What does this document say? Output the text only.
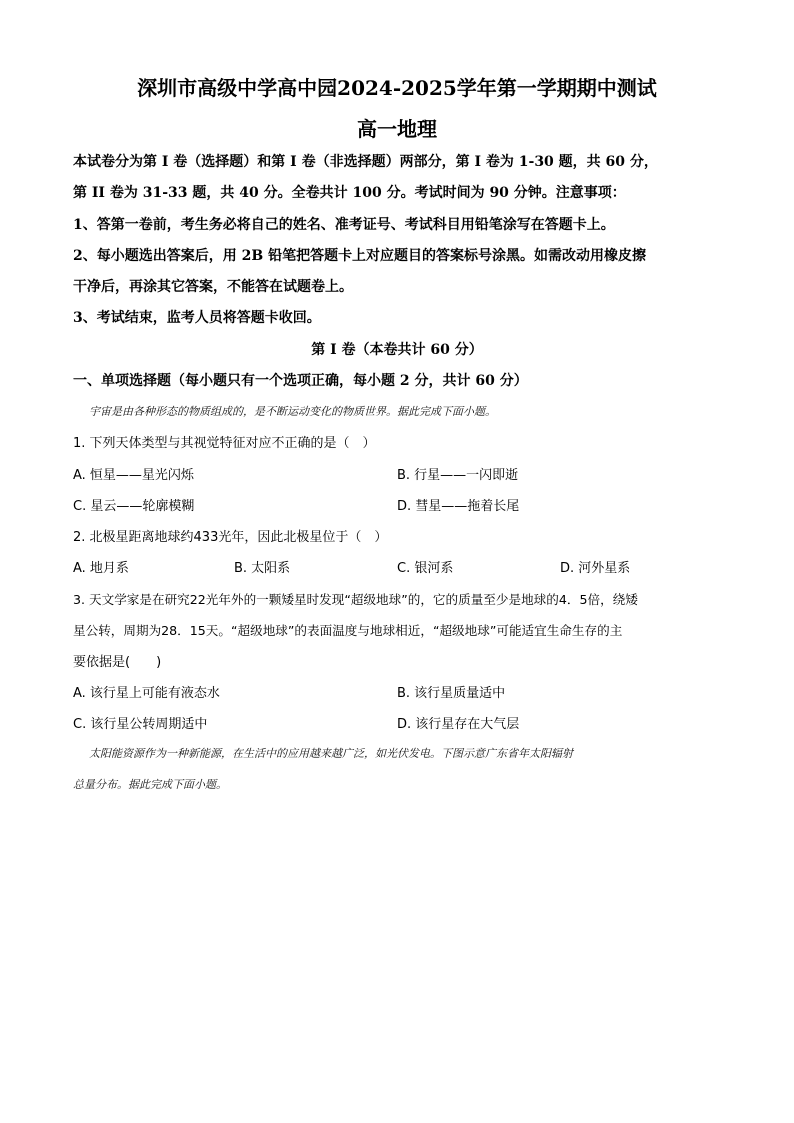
深圳市高级中学高中园2024-2025学年第一学期期中测试
高一地理
本试卷分为第 I 卷（选择题）和第 I 卷（非选择题）两部分，第 I 卷为 1-30 题，共 60 分，
第 II 卷为 31-33 题，共 40 分。全卷共计 100 分。考试时间为 90 分钟。注意事项：
1、答第一卷前，考生务必将自己的姓名、准考证号、考试科目用铅笔涂写在答题卡上。
2、每小题选出答案后，用 2B 铅笔把答题卡上对应题目的答案标号涂黑。如需改动用橡皮擦
干净后，再涂其它答案，不能答在试题卷上。
3、考试结束，监考人员将答题卡收回。
第 I 卷（本卷共计 60 分）
一、单项选择题（每小题只有一个选项正确，每小题 2 分，共计 60 分）
宇宙是由各种形态的物质组成的，是不断运动变化的物质世界。据此完成下面小题。
1. 下列天体类型与其视觉特征对应不正确的是（　）
A. 恒星——星光闪烁	B. 行星——一闪即逝
C. 星云——轮廓模糊	D. 彗星——拖着长尾
2. 北极星距离地球约433光年，因此北极星位于（　）
A. 地月系	B. 太阳系	C. 银河系	D. 河外星系
3. 天文学家是在研究22光年外的一颗矮星时发现“超级地球”的，它的质量至少是地球的4．5倍，绕矮
星公转，周期为28．15天。“超级地球”的表面温度与地球相近，“超级地球”可能适宜生命生存的主
要依据是(　　)
A. 该行星上可能有液态水	B. 该行星质量适中
C. 该行星公转周期适中	D. 该行星存在大气层
太阳能资源作为一种新能源，在生活中的应用越来越广泛，如光伏发电。下图示意广东省年太阳辐射
总量分布。据此完成下面小题。
